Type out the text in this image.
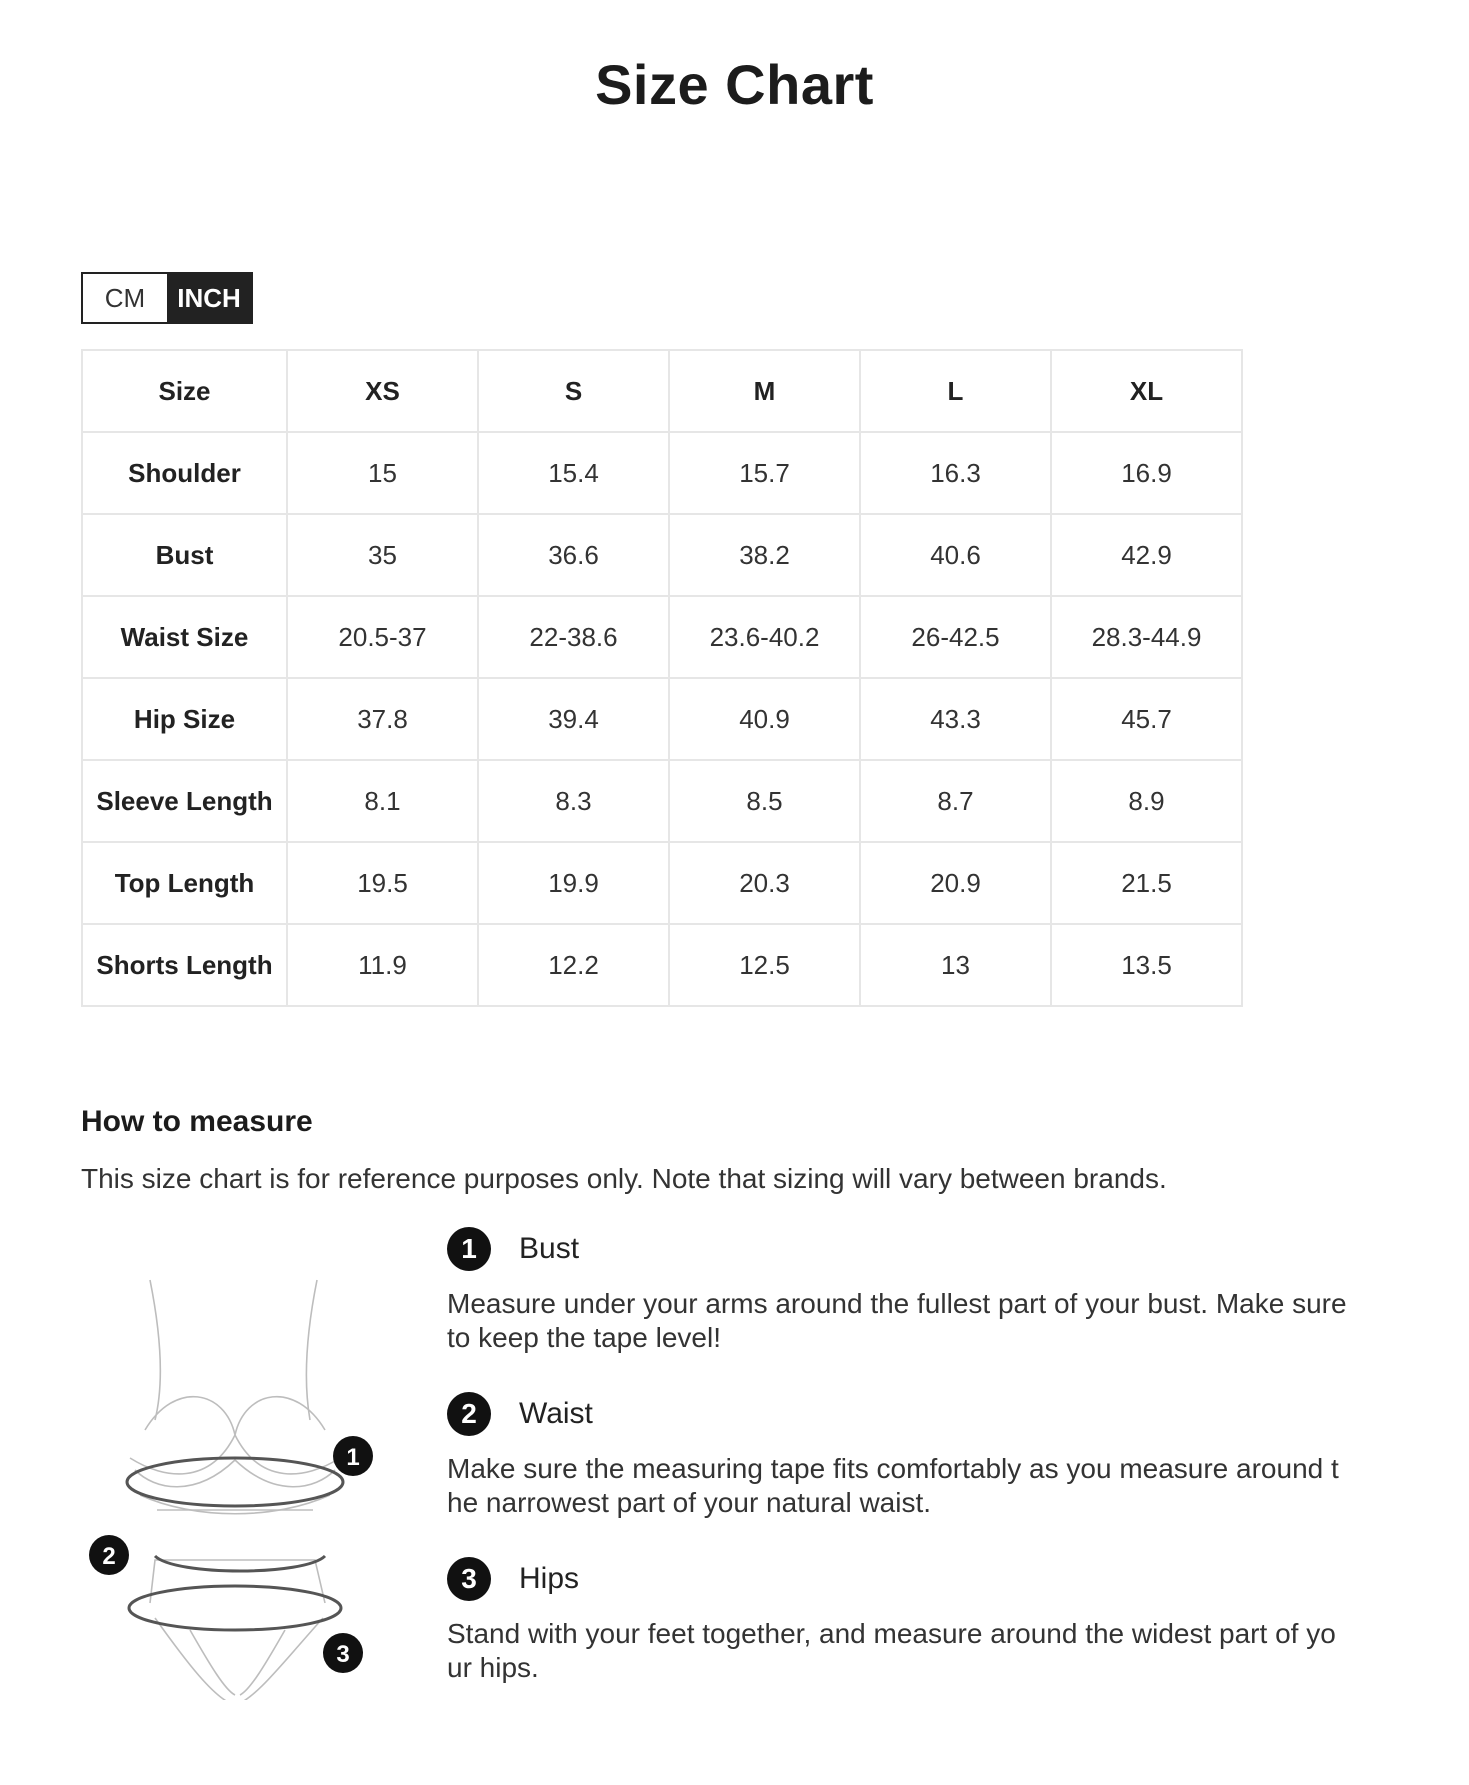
Size Chart
CM	INCH
Size	XS	S	M	L	XL
Shoulder	15	15.4	15.7	16.3	16.9
Bust	35	36.6	38.2	40.6	42.9
Waist Size	20.5-37	22-38.6	23.6-40.2	26-42.5	28.3-44.9
Hip Size	37.8	39.4	40.9	43.3	45.7
Sleeve Length	8.1	8.3	8.5	8.7	8.9
Top Length	19.5	19.9	20.3	20.9	21.5
Shorts Length	11.9	12.2	12.5	13	13.5
How to measure
This size chart is for reference purposes only. Note that sizing will vary between brands.
1
2
3
1	Bust
Measure under your arms around the fullest part of your bust. Make sure to keep the tape level!
2	Waist
Make sure the measuring tape fits comfortably as you measure around the narrowest part of your natural waist.
3	Hips
Stand with your feet together, and measure around the widest part of your hips.
